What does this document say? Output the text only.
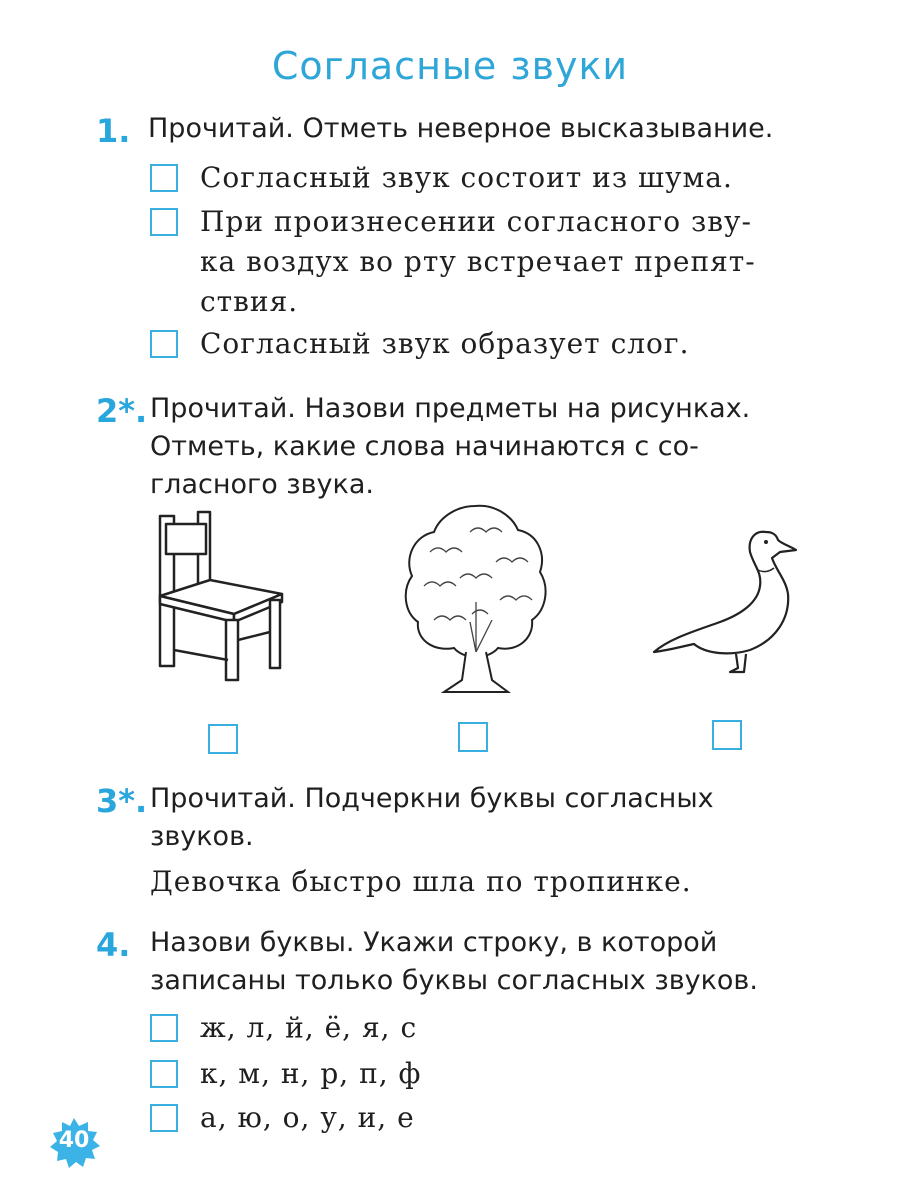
Согласные звуки
1. Прочитай. Отметь неверное высказывание.
Согласный звук состоит из шума.
При произнесении согласного зву-
ка воздух во рту встречает препят-
ствия.
Согласный звук образует слог.
2*. Прочитай. Назови предметы на рисунках.
Отметь, какие слова начинаются с со-
гласного звука.
3*. Прочитай. Подчеркни буквы согласных
звуков.
Девочка быстро шла по тропинке.
4. Назови буквы. Укажи строку, в которой
записаны только буквы согласных звуков.
ж, л, й, ё, я, с
к, м, н, р, п, ф
а, ю, о, у, и, е
40
